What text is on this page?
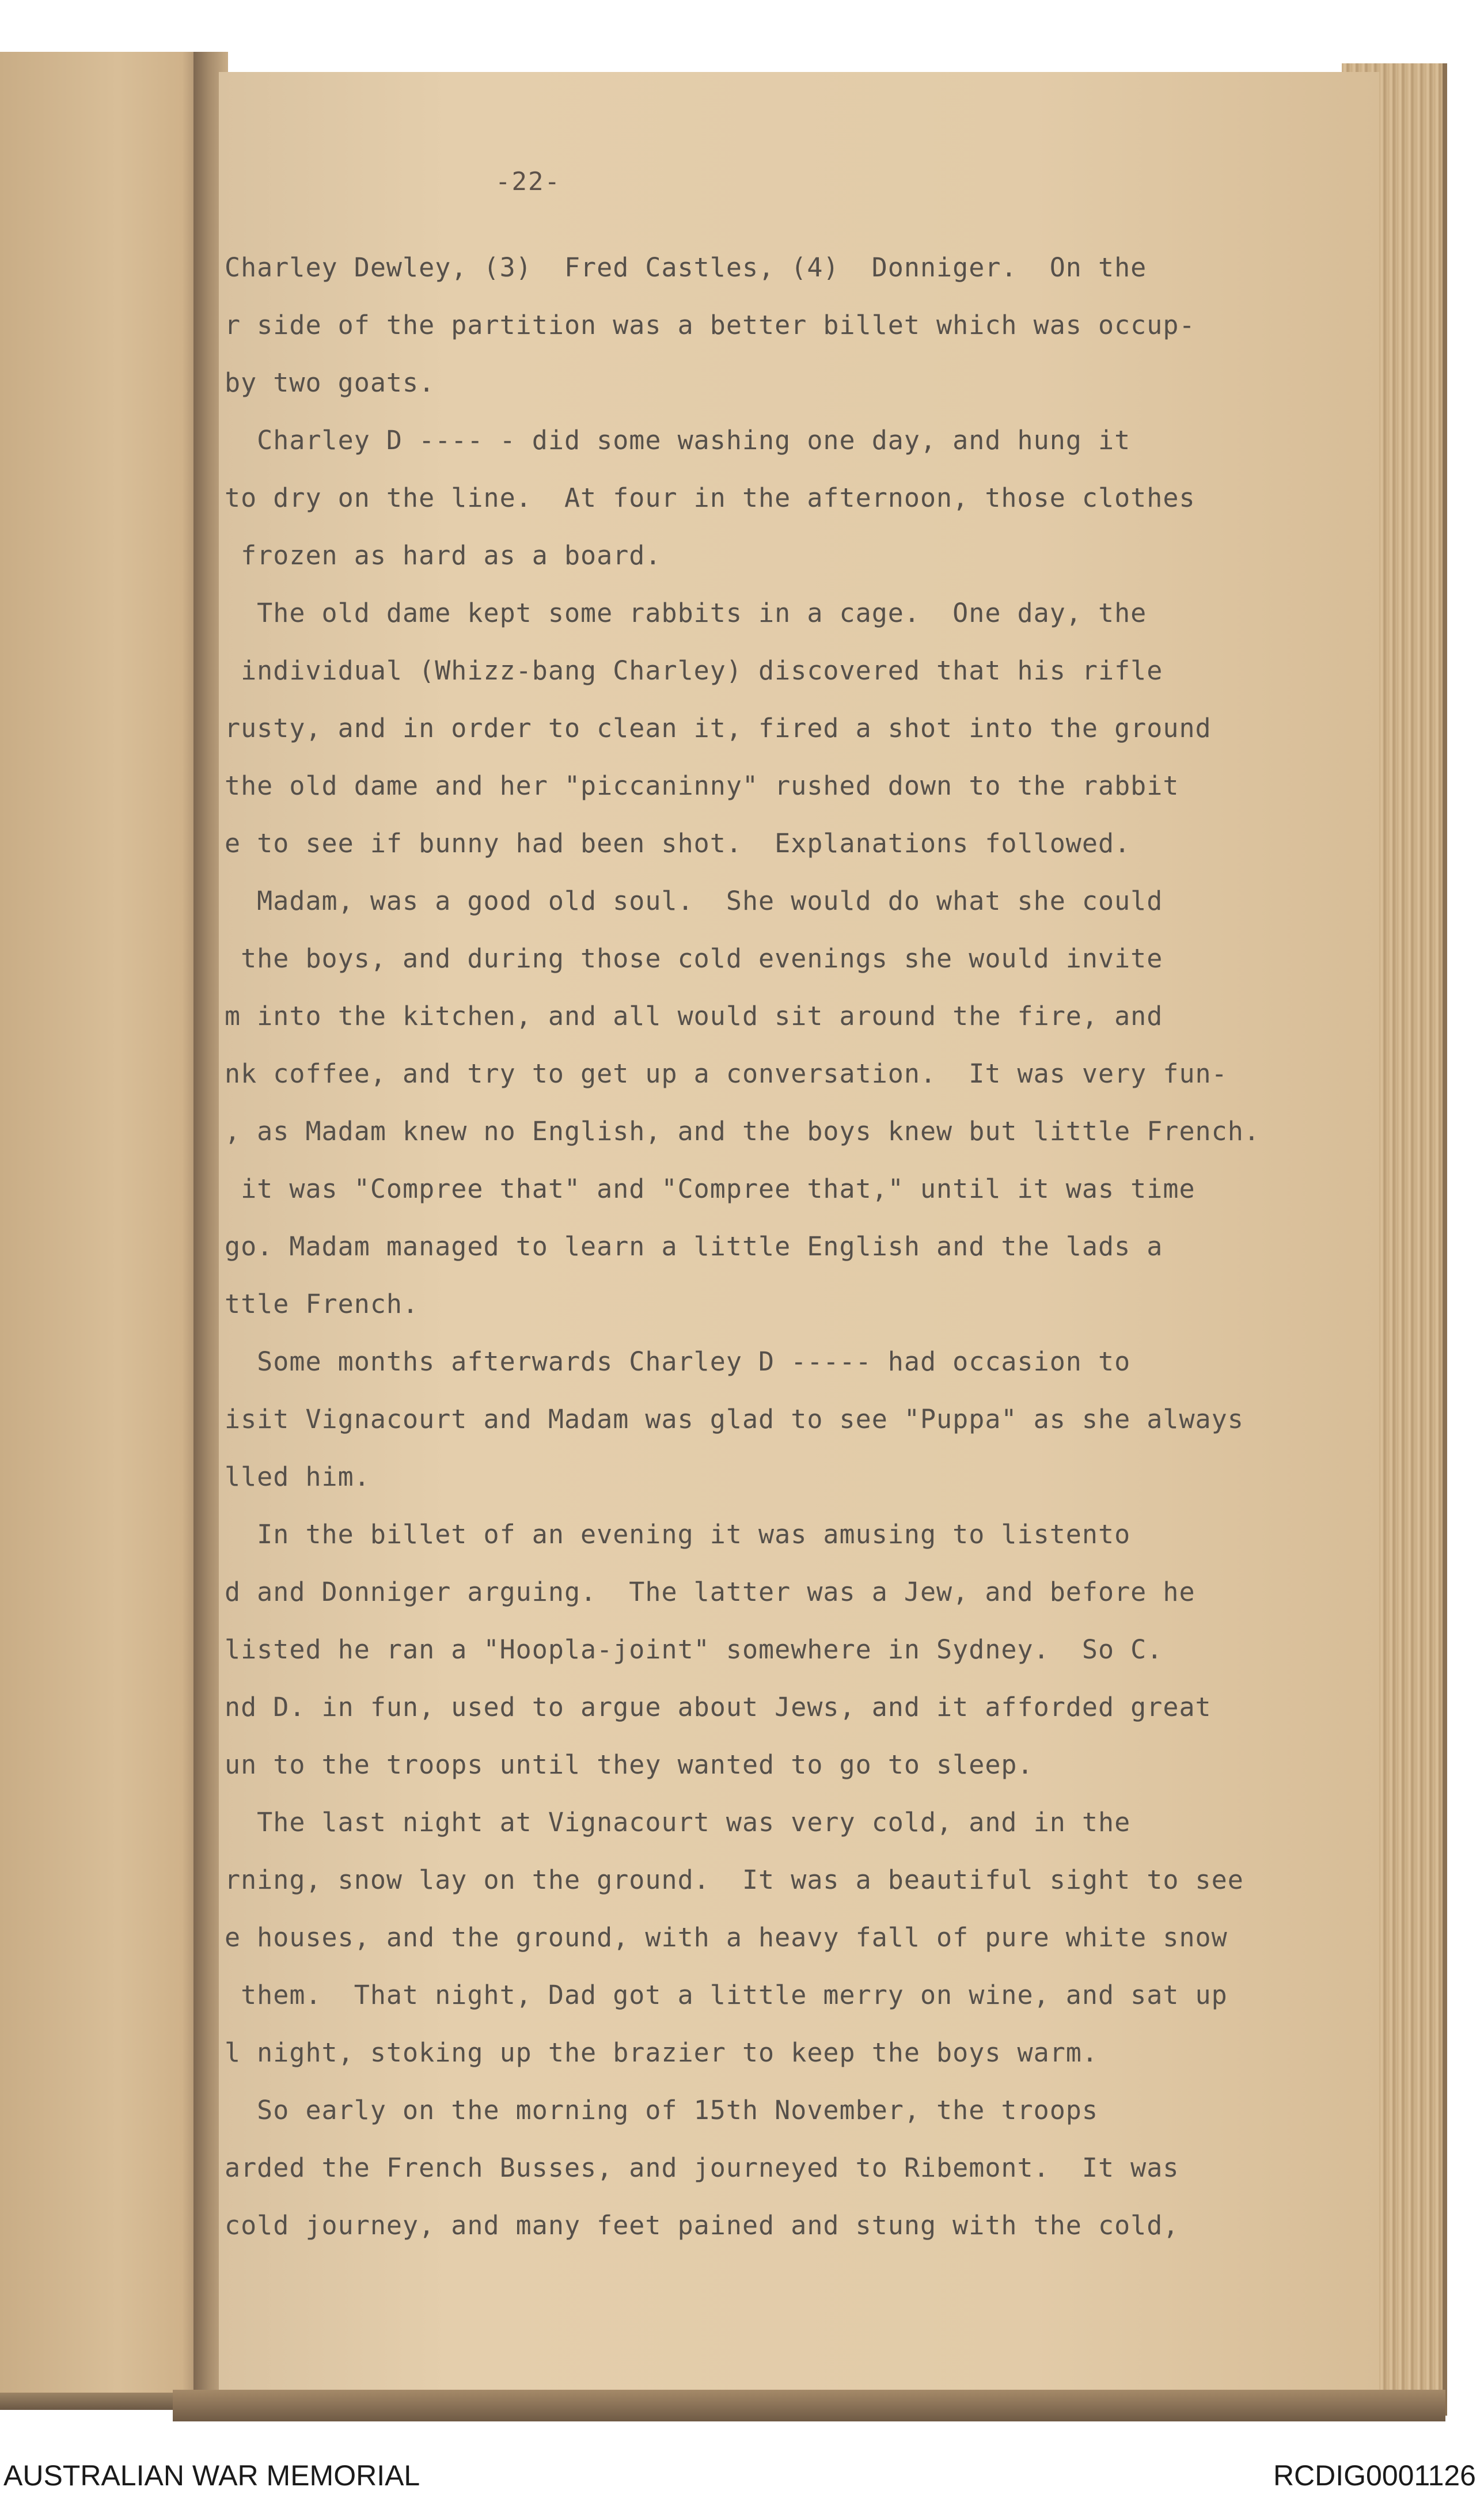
-22-
Charley Dewley, (3)  Fred Castles, (4)  Donniger.  On the
r side of the partition was a better billet which was occup-
by two goats.
Charley D ---- - did some washing one day, and hung it
to dry on the line.  At four in the afternoon, those clothes
frozen as hard as a board.
The old dame kept some rabbits in a cage.  One day, the
individual (Whizz-bang Charley) discovered that his rifle
rusty, and in order to clean it, fired a shot into the ground
the old dame and her "piccaninny" rushed down to the rabbit
e to see if bunny had been shot.  Explanations followed.
Madam, was a good old soul.  She would do what she could
the boys, and during those cold evenings she would invite
m into the kitchen, and all would sit around the fire, and
nk coffee, and try to get up a conversation.  It was very fun-
, as Madam knew no English, and the boys knew but little French.
it was "Compree that" and "Compree that," until it was time
go. Madam managed to learn a little English and the lads a
ttle French.
Some months afterwards Charley D ----- had occasion to
isit Vignacourt and Madam was glad to see "Puppa" as she always
lled him.
In the billet of an evening it was amusing to listento
d and Donniger arguing.  The latter was a Jew, and before he
listed he ran a "Hoopla-joint" somewhere in Sydney.  So C.
nd D. in fun, used to argue about Jews, and it afforded great
un to the troops until they wanted to go to sleep.
The last night at Vignacourt was very cold, and in the
rning, snow lay on the ground.  It was a beautiful sight to see
e houses, and the ground, with a heavy fall of pure white snow
them.  That night, Dad got a little merry on wine, and sat up
l night, stoking up the brazier to keep the boys warm.
So early on the morning of 15th November, the troops
arded the French Busses, and journeyed to Ribemont.  It was
cold journey, and many feet pained and stung with the cold,
AUSTRALIAN WAR MEMORIAL	RCDIG0001126
